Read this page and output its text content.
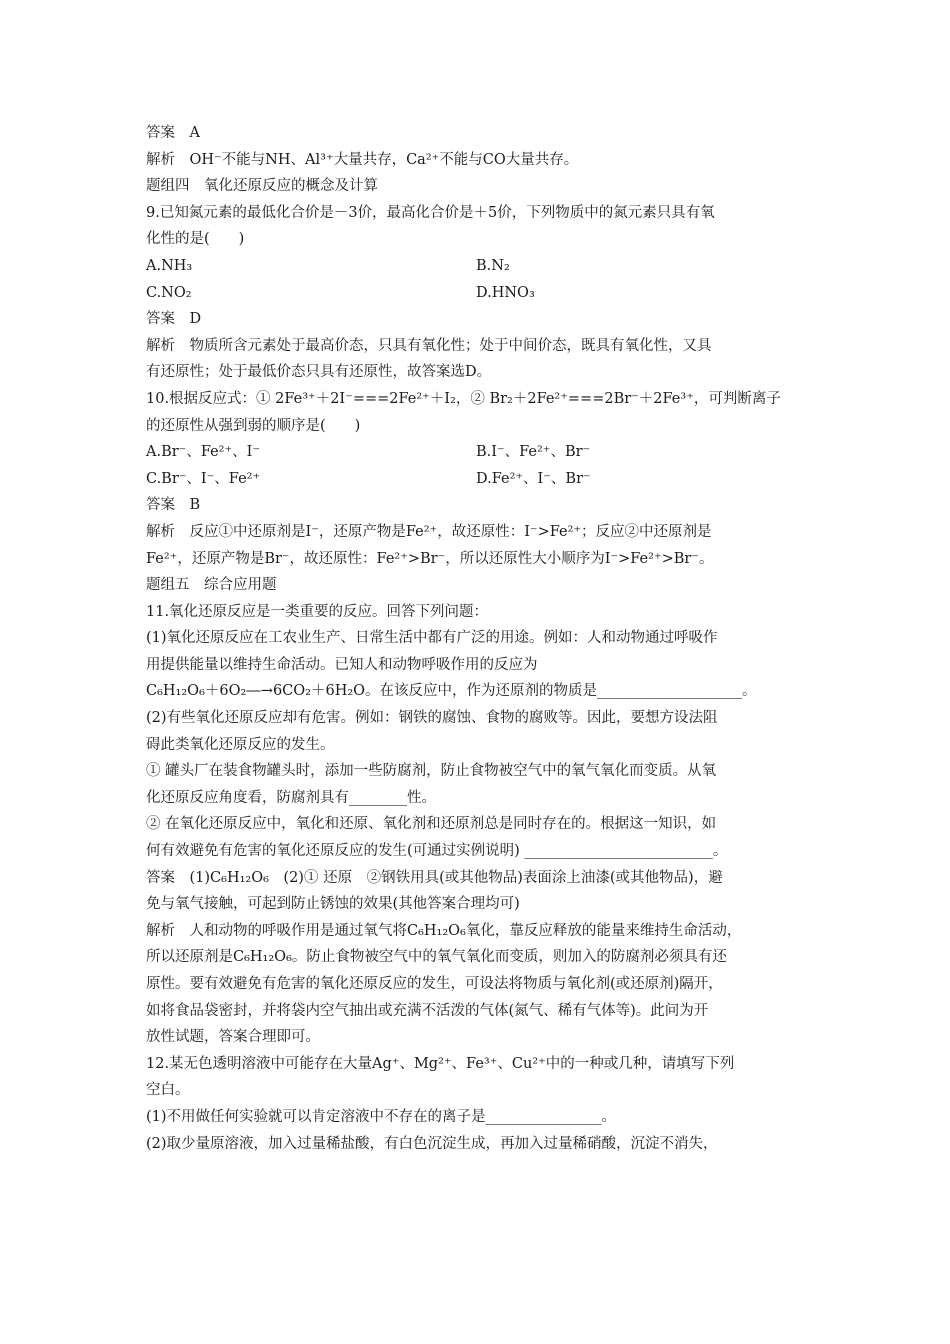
答案　A
解析　OH⁻不能与NH、Al³⁺大量共存，Ca²⁺不能与CO大量共存。
题组四　氧化还原反应的概念及计算
9.已知氮元素的最低化合价是－3价，最高化合价是＋5价，下列物质中的氮元素只具有氧
化性的是(　　)
A.NH₃	B.N₂
C.NO₂	D.HNO₃
答案　D
解析　物质所含元素处于最高价态，只具有氧化性；处于中间价态，既具有氧化性，又具
有还原性；处于最低价态只具有还原性，故答案选D。
10.根据反应式：① 2Fe³⁺＋2I⁻===2Fe²⁺＋I₂，② Br₂＋2Fe²⁺===2Br⁻＋2Fe³⁺，可判断离子
的还原性从强到弱的顺序是(　　)
A.Br⁻、Fe²⁺、I⁻	B.I⁻、Fe²⁺、Br⁻
C.Br⁻、I⁻、Fe²⁺	D.Fe²⁺、I⁻、Br⁻
答案　B
解析　反应①中还原剂是I⁻，还原产物是Fe²⁺，故还原性：I⁻>Fe²⁺；反应②中还原剂是
Fe²⁺，还原产物是Br⁻，故还原性：Fe²⁺>Br⁻，所以还原性大小顺序为I⁻>Fe²⁺>Br⁻。
题组五　综合应用题
11.氧化还原反应是一类重要的反应。回答下列问题：
(1)氧化还原反应在工农业生产、日常生活中都有广泛的用途。例如：人和动物通过呼吸作
用提供能量以维持生命活动。已知人和动物呼吸作用的反应为
C₆H₁₂O₆＋6O₂―→6CO₂＋6H₂O。在该反应中，作为还原剂的物质是____________________。
(2)有些氧化还原反应却有危害。例如：钢铁的腐蚀、食物的腐败等。因此，要想方设法阻
碍此类氧化还原反应的发生。
① 罐头厂在装食物罐头时，添加一些防腐剂，防止食物被空气中的氧气氧化而变质。从氧
化还原反应角度看，防腐剂具有________性。
② 在氧化还原反应中，氧化和还原、氧化剂和还原剂总是同时存在的。根据这一知识，如
何有效避免有危害的氧化还原反应的发生(可通过实例说明) __________________________。
答案　(1)C₆H₁₂O₆　(2)① 还原　②钢铁用具(或其他物品)表面涂上油漆(或其他物品)，避
免与氧气接触，可起到防止锈蚀的效果(其他答案合理均可)
解析　人和动物的呼吸作用是通过氧气将C₆H₁₂O₆氧化，靠反应释放的能量来维持生命活动，
所以还原剂是C₆H₁₂O₆。防止食物被空气中的氧气氧化而变质，则加入的防腐剂必须具有还
原性。要有效避免有危害的氧化还原反应的发生，可设法将物质与氧化剂(或还原剂)隔开，
如将食品袋密封，并将袋内空气抽出或充满不活泼的气体(氮气、稀有气体等)。此问为开
放性试题，答案合理即可。
12.某无色透明溶液中可能存在大量Ag⁺、Mg²⁺、Fe³⁺、Cu²⁺中的一种或几种，请填写下列
空白。
(1)不用做任何实验就可以肯定溶液中不存在的离子是________________。
(2)取少量原溶液，加入过量稀盐酸，有白色沉淀生成，再加入过量稀硝酸，沉淀不消失，
